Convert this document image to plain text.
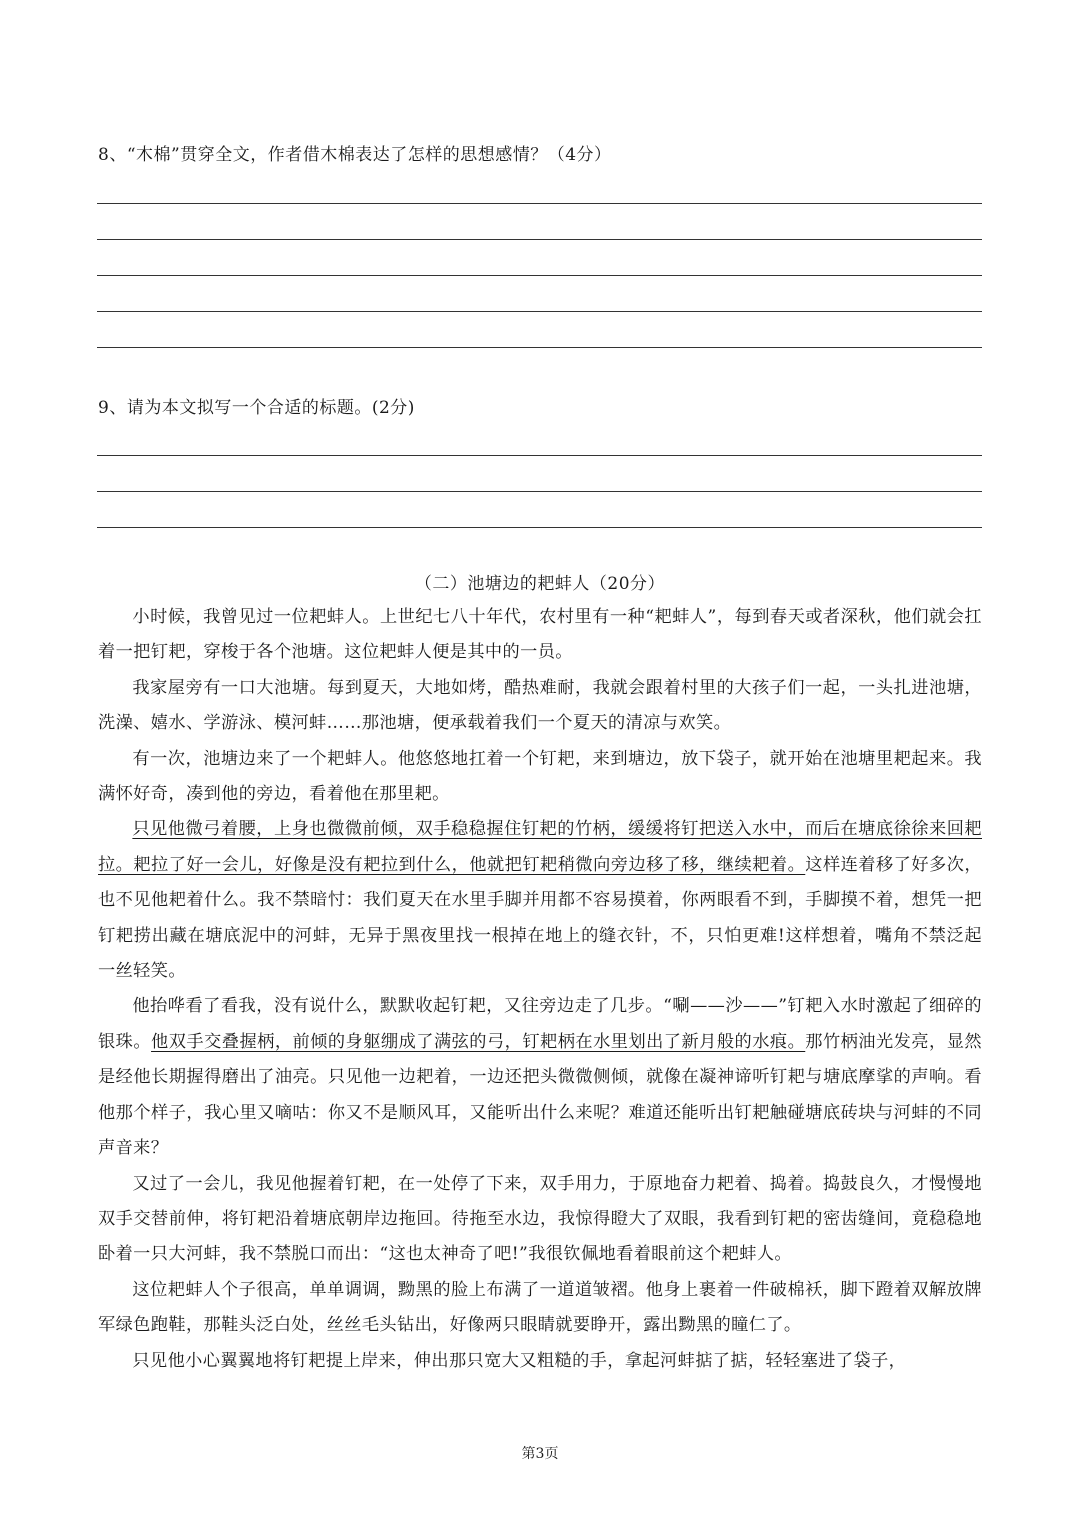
8、“木棉”贯穿全文，作者借木棉表达了怎样的思想感情？（4分）
9、请为本文拟写一个合适的标题。(2分)
（二）池塘边的耙蚌人（20分）

小时候，我曾见过一位耙蚌人。上世纪七八十年代，农村里有一种“耙蚌人”，每到春天或者深秋，他们就会扛着一把钉耙，穿梭于各个池塘。这位耙蚌人便是其中的一员。

我家屋旁有一口大池塘。每到夏天，大地如烤，酷热难耐，我就会跟着村里的大孩子们一起，一头扎进池塘，洗澡、嬉水、学游泳、模河蚌……那池塘，便承载着我们一个夏天的清凉与欢笑。

有一次，池塘边来了一个耙蚌人。他悠悠地扛着一个钉耙，来到塘边，放下袋子，就开始在池塘里耙起来。我满怀好奇，凑到他的旁边，看着他在那里耙。

只见他微弓着腰，上身也微微前倾，双手稳稳握住钉耙的竹柄，缓缓将钉把送入水中，而后在塘底徐徐来回耙拉。耙拉了好一会儿，好像是没有耙拉到什么，他就把钉耙稍微向旁边移了移，继续耙着。这样连着移了好多次，也不见他耙着什么。我不禁暗忖：我们夏天在水里手脚并用都不容易摸着，你两眼看不到，手脚摸不着，想凭一把钉耙捞出藏在塘底泥中的河蚌，无异于黑夜里找一根掉在地上的缝衣针，不，只怕更难!这样想着，嘴角不禁泛起一丝轻笑。

他抬哗看了看我，没有说什么，默默收起钉耙，又往旁边走了几步。“唰——沙——”钉耙入水时激起了细碎的银珠。他双手交叠握柄，前倾的身躯绷成了满弦的弓，钉耙柄在水里划出了新月般的水痕。那竹柄油光发亮，显然是经他长期握得磨出了油亮。只见他一边耙着，一边还把头微微侧倾，就像在凝神谛听钉耙与塘底摩挲的声响。看他那个样子，我心里又嘀咕：你又不是顺风耳，又能听出什么来呢？难道还能听出钉耙触碰塘底砖块与河蚌的不同声音来？

又过了一会儿，我见他握着钉耙，在一处停了下来，双手用力，于原地奋力耙着、捣着。捣鼓良久，才慢慢地双手交替前伸，将钉耙沿着塘底朝岸边拖回。待拖至水边，我惊得瞪大了双眼，我看到钉耙的密齿缝间，竟稳稳地卧着一只大河蚌，我不禁脱口而出：“这也太神奇了吧!”我很钦佩地看着眼前这个耙蚌人。

这位耙蚌人个子很高，单单调调，黝黑的脸上布满了一道道皱褶。他身上裹着一件破棉袄，脚下蹬着双解放牌军绿色跑鞋，那鞋头泛白处，丝丝毛头钻出，好像两只眼睛就要睁开，露出黝黑的瞳仁了。

只见他小心翼翼地将钉耙提上岸来，伸出那只宽大又粗糙的手，拿起河蚌掂了掂，轻轻塞进了袋子，

第3页
